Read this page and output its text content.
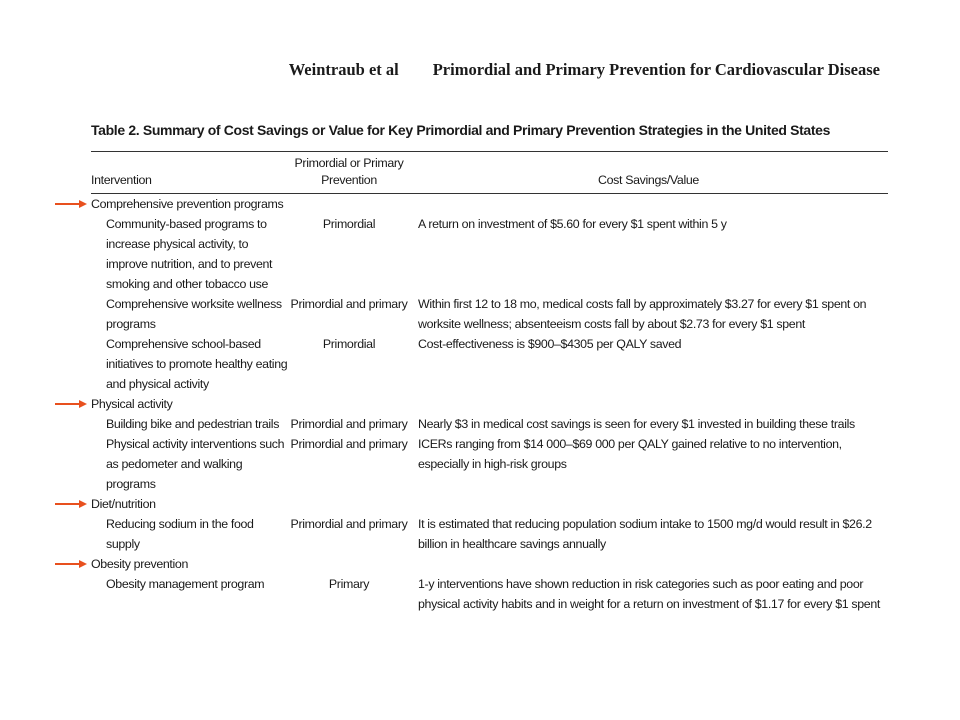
Weintraub et al Primordial and Primary Prevention for Cardiovascular Disease
Table 2. Summary of Cost Savings or Value for Key Primordial and Primary Prevention Strategies in the United States
Intervention	Primordial or Primary Prevention	Cost Savings/Value
Comprehensive prevention programs		
Community-based programs to increase physical activity, to improve nutrition, and to prevent smoking and other tobacco use	Primordial	A return on investment of $5.60 for every $1 spent within 5 y
Comprehensive worksite wellness programs	Primordial and primary	Within first 12 to 18 mo, medical costs fall by approximately $3.27 for every $1 spent on worksite wellness; absenteeism costs fall by about $2.73 for every $1 spent
Comprehensive school-based initiatives to promote healthy eating and physical activity	Primordial	Cost-effectiveness is $900–$4305 per QALY saved
Physical activity		
Building bike and pedestrian trails	Primordial and primary	Nearly $3 in medical cost savings is seen for every $1 invested in building these trails
Physical activity interventions such as pedometer and walking programs	Primordial and primary	ICERs ranging from $14 000–$69 000 per QALY gained relative to no intervention, especially in high-risk groups
Diet/nutrition		
Reducing sodium in the food supply	Primordial and primary	It is estimated that reducing population sodium intake to 1500 mg/d would result in $26.2 billion in healthcare savings annually
Obesity prevention		
Obesity management program	Primary	1-y interventions have shown reduction in risk categories such as poor eating and poor physical activity habits and in weight for a return on investment of $1.17 for every $1 spent
